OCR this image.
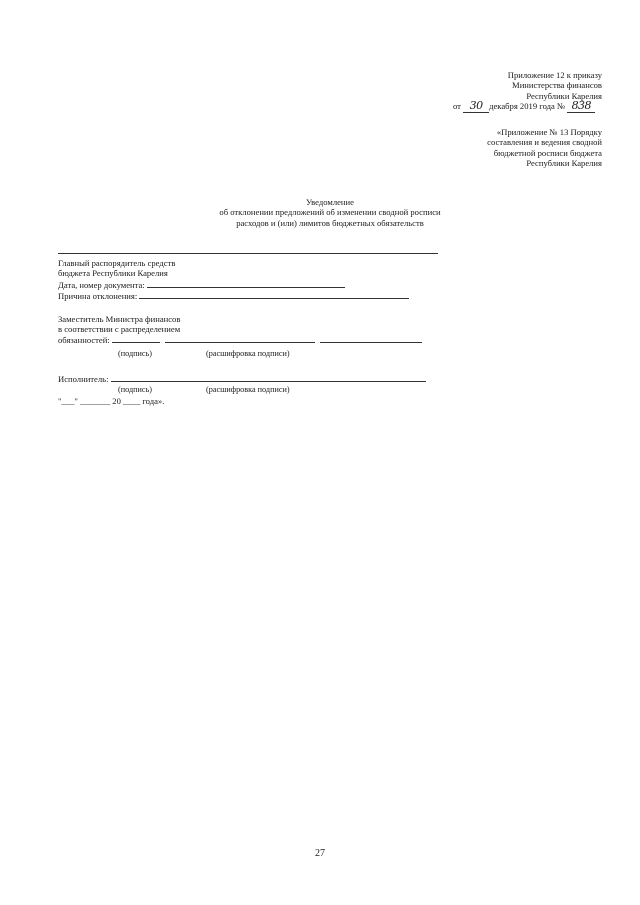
Приложение 12 к приказу
Министерства финансов
Республики Карелия
от 30 декабря 2019 года № 838
«Приложение № 13 Порядку
составления и ведения сводной
бюджетной росписи бюджета
Республики Карелия
Уведомление
об отклонении предложений об изменении сводной росписи
расходов и (или) лимитов бюджетных обязательств
Главный распорядитель средств
бюджета Республики Карелия
Дата, номер документа:
Причина отклонения:
Заместитель Министра финансов
в соответствии с распределением
обязанностей:
(подпись)	(расшифровка подписи)
Исполнитель:
(подпись)	(расшифровка подписи)
"___" _______ 20 ____ года».
27
